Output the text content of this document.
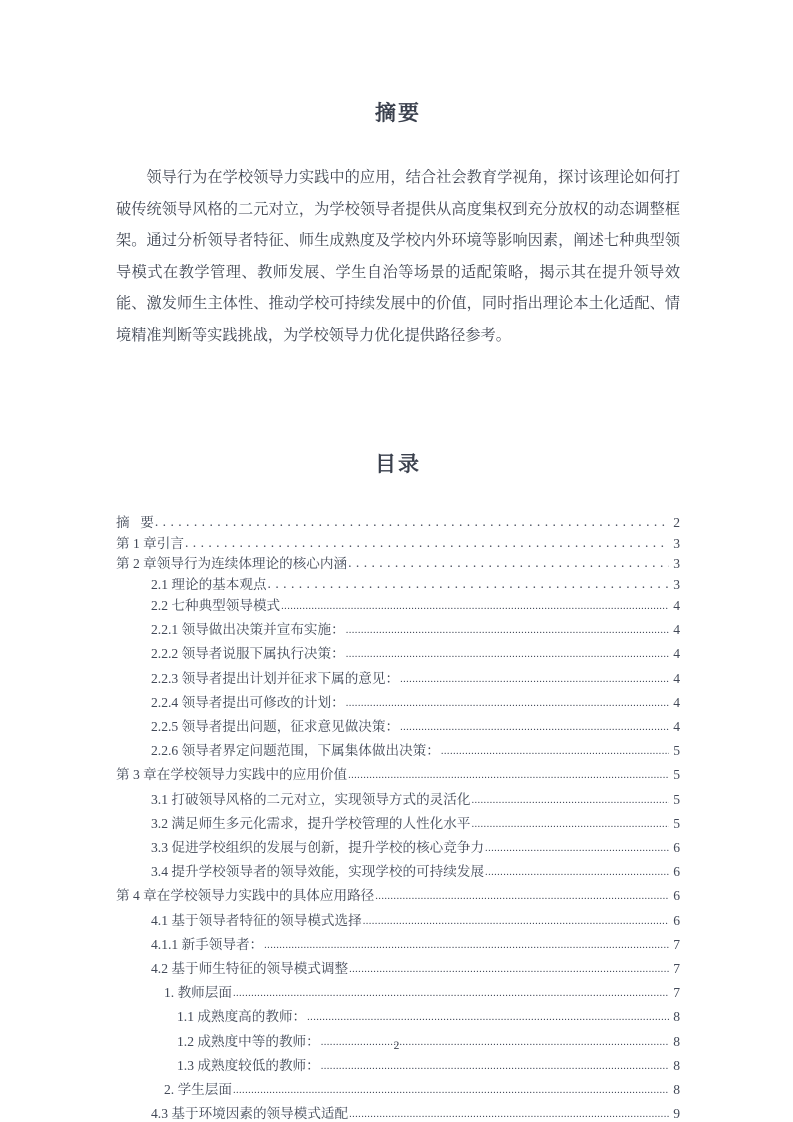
摘要

领导行为在学校领导力实践中的应用，结合社会教育学视角，探讨该理论如何打破传统领导风格的二元对立，为学校领导者提供从高度集权到充分放权的动态调整框架。通过分析领导者特征、师生成熟度及学校内外环境等影响因素，阐述七种典型领导模式在教学管理、教师发展、学生自治等场景的适配策略，揭示其在提升领导效能、激发师生主体性、推动学校可持续发展中的价值，同时指出理论本土化适配、情境精准判断等实践挑战，为学校领导力优化提供路径参考。

目录
摘 要 . . .	2
第 1 章引言 . . .	3
第 2 章领导行为连续体理论的核心内涵 . . .	3
2.1 理论的基本观点 . . .	3
2.2 七种典型领导模式 .....	4
2.2.1 领导做出决策并宣布实施： .....	4
2.2.2 领导者说服下属执行决策： .....	4
2.2.3 领导者提出计划并征求下属的意见： .....	4
2.2.4 领导者提出可修改的计划： .....	4
2.2.5 领导者提出问题，征求意见做决策： .....	4
2.2.6 领导者界定问题范围，下属集体做出决策： .....	5
第 3 章在学校领导力实践中的应用价值 .....	5
3.1 打破领导风格的二元对立，实现领导方式的灵活化 .....	5
3.2 满足师生多元化需求，提升学校管理的人性化水平 .....	5
3.3 促进学校组织的发展与创新，提升学校的核心竞争力 .....	6
3.4 提升学校领导者的领导效能，实现学校的可持续发展 .....	6
第 4 章在学校领导力实践中的具体应用路径 .....	6
4.1 基于领导者特征的领导模式选择 .....	6
4.1.1 新手领导者： .....	7
4.2 基于师生特征的领导模式调整 .....	7
1. 教师层面 .....	7
1.1 成熟度高的教师： .....	8
1.2 成熟度中等的教师： .....	8
1.3 成熟度较低的教师： .....	8
2. 学生层面 .....	8
4.3 基于环境因素的领导模式适配 .....	9
2
